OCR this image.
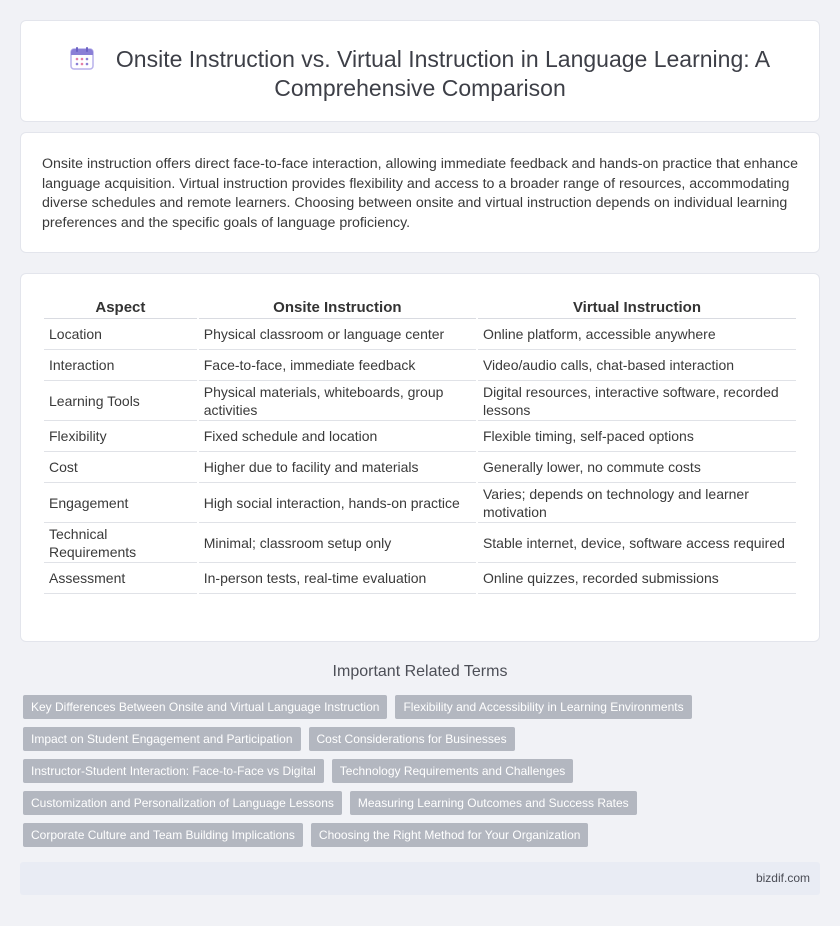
Onsite Instruction vs. Virtual Instruction in Language Learning: A Comprehensive Comparison

Onsite instruction offers direct face-to-face interaction, allowing immediate feedback and hands-on practice that enhance language acquisition. Virtual instruction provides flexibility and access to a broader range of resources, accommodating diverse schedules and remote learners. Choosing between onsite and virtual instruction depends on individual learning preferences and the specific goals of language proficiency.

Aspect	Onsite Instruction	Virtual Instruction
Location	Physical classroom or language center	Online platform, accessible anywhere
Interaction	Face-to-face, immediate feedback	Video/audio calls, chat-based interaction
Learning Tools	Physical materials, whiteboards, group activities	Digital resources, interactive software, recorded lessons
Flexibility	Fixed schedule and location	Flexible timing, self-paced options
Cost	Higher due to facility and materials	Generally lower, no commute costs
Engagement	High social interaction, hands-on practice	Varies; depends on technology and learner motivation
Technical Requirements	Minimal; classroom setup only	Stable internet, device, software access required
Assessment	In-person tests, real-time evaluation	Online quizzes, recorded submissions
Important Related Terms
Key Differences Between Onsite and Virtual Language Instruction	Flexibility and Accessibility in Learning Environments
Impact on Student Engagement and Participation	Cost Considerations for Businesses
Instructor-Student Interaction: Face-to-Face vs Digital	Technology Requirements and Challenges
Customization and Personalization of Language Lessons	Measuring Learning Outcomes and Success Rates
Corporate Culture and Team Building Implications	Choosing the Right Method for Your Organization
bizdif.com
